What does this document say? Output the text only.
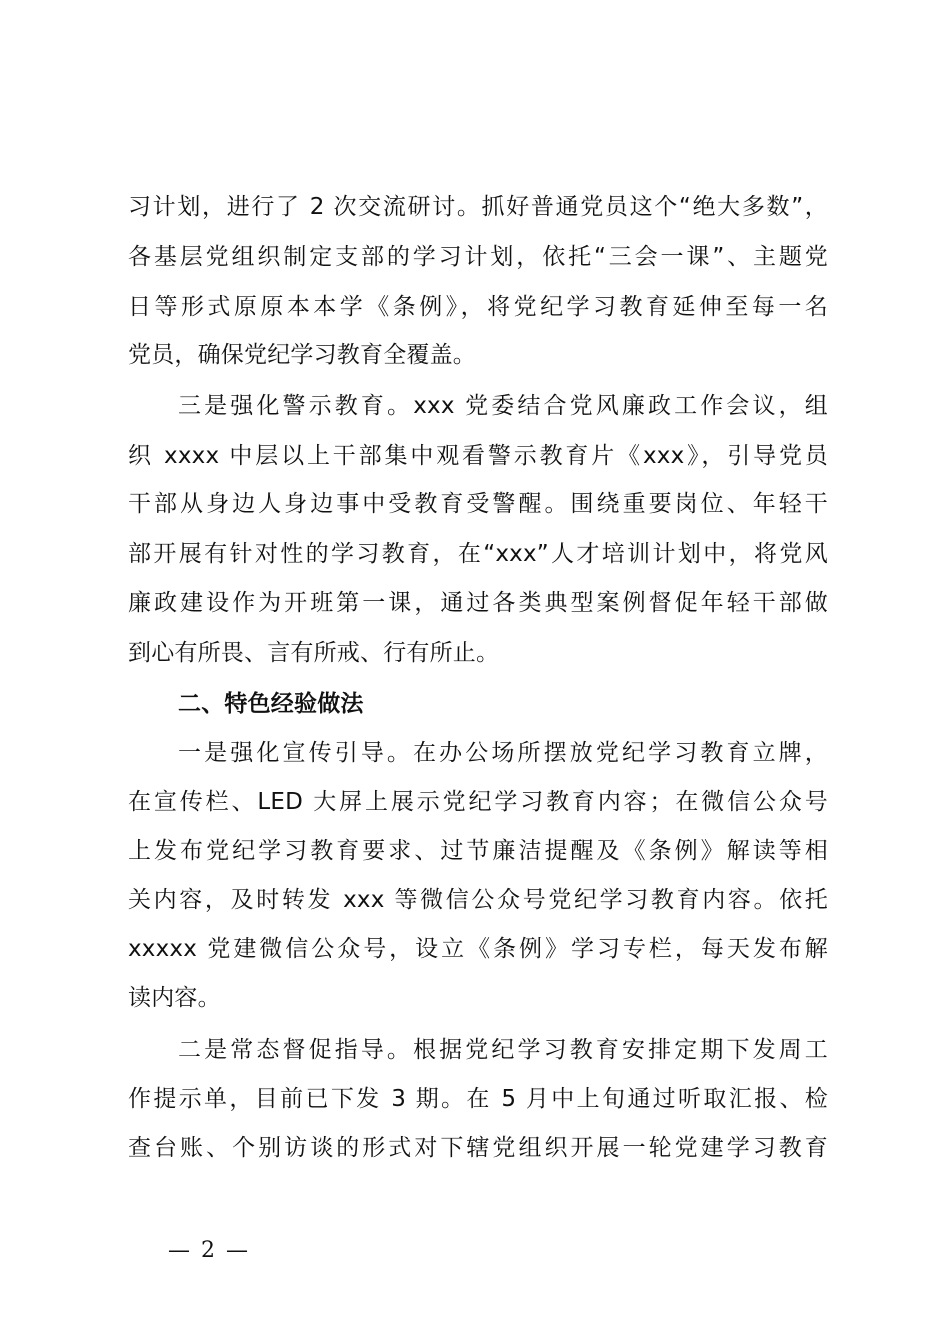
习计划，进行了 2 次交流研讨。抓好普通党员这个“绝大多数”，
各基层党组织制定支部的学习计划，依托“三会一课”、主题党
日等形式原原本本学《条例》，将党纪学习教育延伸至每一名
党员，确保党纪学习教育全覆盖。
三是强化警示教育。xxx 党委结合党风廉政工作会议，组
织 xxxx 中层以上干部集中观看警示教育片《xxx》，引导党员
干部从身边人身边事中受教育受警醒。围绕重要岗位、年轻干
部开展有针对性的学习教育，在“xxx”人才培训计划中，将党风
廉政建设作为开班第一课，通过各类典型案例督促年轻干部做
到心有所畏、言有所戒、行有所止。
二、特色经验做法
一是强化宣传引导。在办公场所摆放党纪学习教育立牌，
在宣传栏、LED 大屏上展示党纪学习教育内容；在微信公众号
上发布党纪学习教育要求、过节廉洁提醒及《条例》解读等相
关内容，及时转发 xxx 等微信公众号党纪学习教育内容。依托
xxxxx 党建微信公众号，设立《条例》学习专栏，每天发布解
读内容。
二是常态督促指导。根据党纪学习教育安排定期下发周工
作提示单，目前已下发 3 期。在 5 月中上旬通过听取汇报、检
查台账、个别访谈的形式对下辖党组织开展一轮党建学习教育
— 2 —
